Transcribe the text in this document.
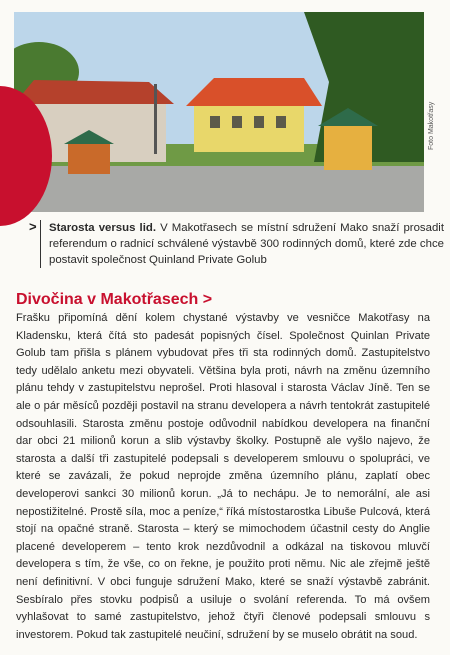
Foto Makotřasy
>	Starosta versus lid. V Makotřasech se místní sdružení Mako snaží prosadit referendum o radnicí schválené výstavbě 300 rodinných domů, které zde chce postavit společnost Quinland Private Golub
Divočina v Makotřasech >
Frašku připomíná dění kolem chystané výstavby ve vesničce Makotřasy na Kladensku, která čítá sto padesát popisných čísel. Společnost Quinlan Private Golub tam přišla s plánem vybudovat přes tři sta rodinných domů. Zastupitelstvo tedy udělalo anketu mezi obyvateli. Většina byla proti, návrh na změnu územního plánu tehdy v zastupitelstvu neprošel. Proti hlasoval i starosta Václav Jíně. Ten se ale o pár měsíců později postavil na stranu developera a návrh tentokrát zastupitelé odsouhlasili. Starosta změnu postoje odůvodnil nabídkou developera na finanční dar obci 21 milionů korun a slib výstavby školky. Postupně ale vyšlo najevo, že starosta a další tři zastupitelé podepsali s developerem smlouvu o spolupráci, ve které se zavázali, že pokud neprojde změna územního plánu, zaplatí obec developerovi sankci 30 milionů korun. „Já to nechápu. Je to nemorální, ale asi nepostižitelné. Prostě síla, moc a peníze,“ říká místostarostka Libuše Pulcová, která stojí na opačné straně. Starosta – který se mimochodem účastnil cesty do Anglie placené developerem – tento krok nezdůvodnil a odkázal na tiskovou mluvčí developera s tím, že vše, co on řekne, je použito proti němu. Nic ale zřejmě ještě není definitivní. V obci funguje sdružení Mako, které se snaží výstavbě zabránit. Sesbíralo přes stovku podpisů a usiluje o svolání referenda. To má ovšem vyhlašovat to samé zastupitelstvo, jehož čtyři členové podepsali smlouvu s investorem. Pokud tak zastupitelé neučiní, sdružení by se muselo obrátit na soud.
